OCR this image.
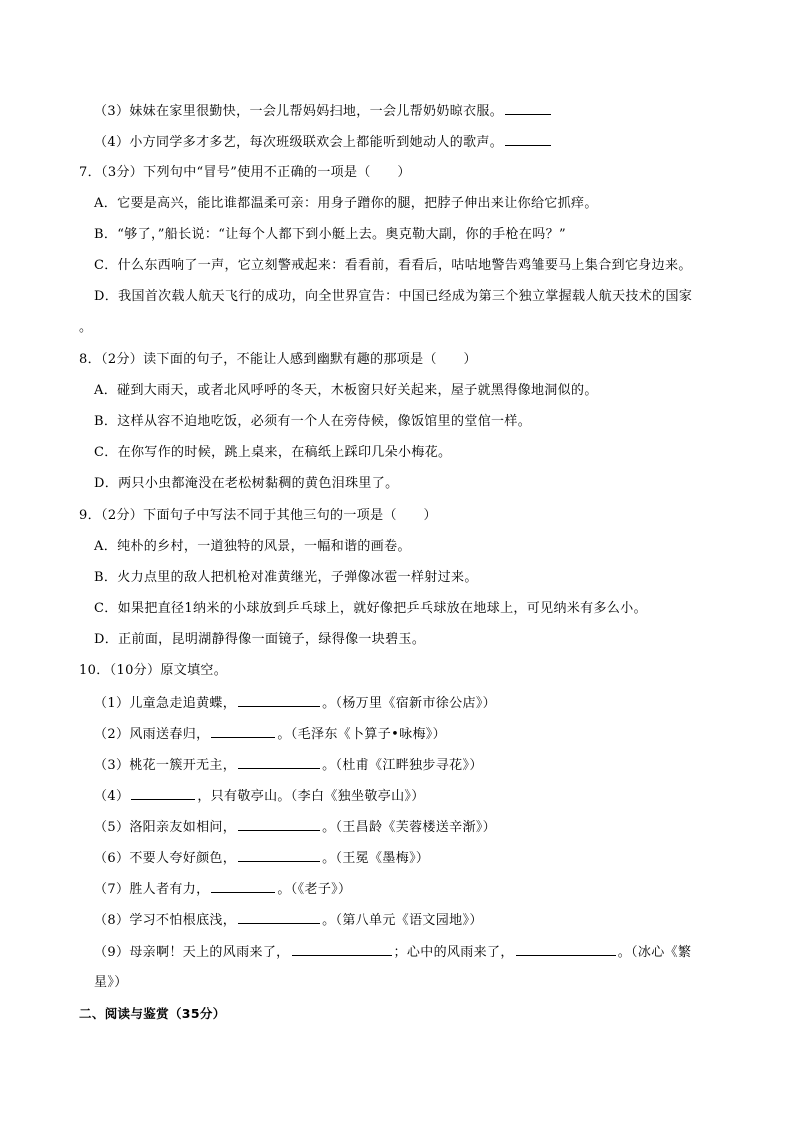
（3）妹妹在家里很勤快，一会儿帮妈妈扫地，一会儿帮奶奶晾衣服。
（4）小方同学多才多艺，每次班级联欢会上都能听到她动人的歌声。
7．（3分）下列句中“冒号”使用不正确的一项是（　　）
A．它要是高兴，能比谁都温柔可亲：用身子蹭你的腿，把脖子伸出来让你给它抓痒。
B．“够了，”船长说：“让每个人都下到小艇上去。奥克勒大副，你的手枪在吗？”
C．什么东西响了一声，它立刻警戒起来：看看前，看看后，咕咕地警告鸡雏要马上集合到它身边来。
D．我国首次载人航天飞行的成功，向全世界宣告：中国已经成为第三个独立掌握载人航天技术的国家
。
8．（2分）读下面的句子，不能让人感到幽默有趣的那项是（　　）
A．碰到大雨天，或者北风呼呼的冬天，木板窗只好关起来，屋子就黑得像地洞似的。
B．这样从容不迫地吃饭，必须有一个人在旁侍候，像饭馆里的堂倌一样。
C．在你写作的时候，跳上桌来，在稿纸上踩印几朵小梅花。
D．两只小虫都淹没在老松树黏稠的黄色泪珠里了。
9．（2分）下面句子中写法不同于其他三句的一项是（　　）
A．纯朴的乡村，一道独特的风景，一幅和谐的画卷。
B．火力点里的敌人把机枪对准黄继光，子弹像冰雹一样射过来。
C．如果把直径1纳米的小球放到乒乓球上，就好像把乒乓球放在地球上，可见纳米有多么小。
D．正前面，昆明湖静得像一面镜子，绿得像一块碧玉。
10．（10分）原文填空。
（1）儿童急走追黄蝶，	。（杨万里《宿新市徐公店》）
（2）风雨送春归，	。（毛泽东《卜算子•咏梅》）
（3）桃花一簇开无主，	。（杜甫《江畔独步寻花》）
（4）	，只有敬亭山。（李白《独坐敬亭山》）
（5）洛阳亲友如相问，	。（王昌龄《芙蓉楼送辛渐》）
（6）不要人夸好颜色，	。（王冕《墨梅》）
（7）胜人者有力，	。（《老子》）
（8）学习不怕根底浅，	。（第八单元《语文园地》）
（9）母亲啊！天上的风雨来了，	；心中的风雨来了，	。（冰心《繁
星》）
二、阅读与鉴赏（35分）
